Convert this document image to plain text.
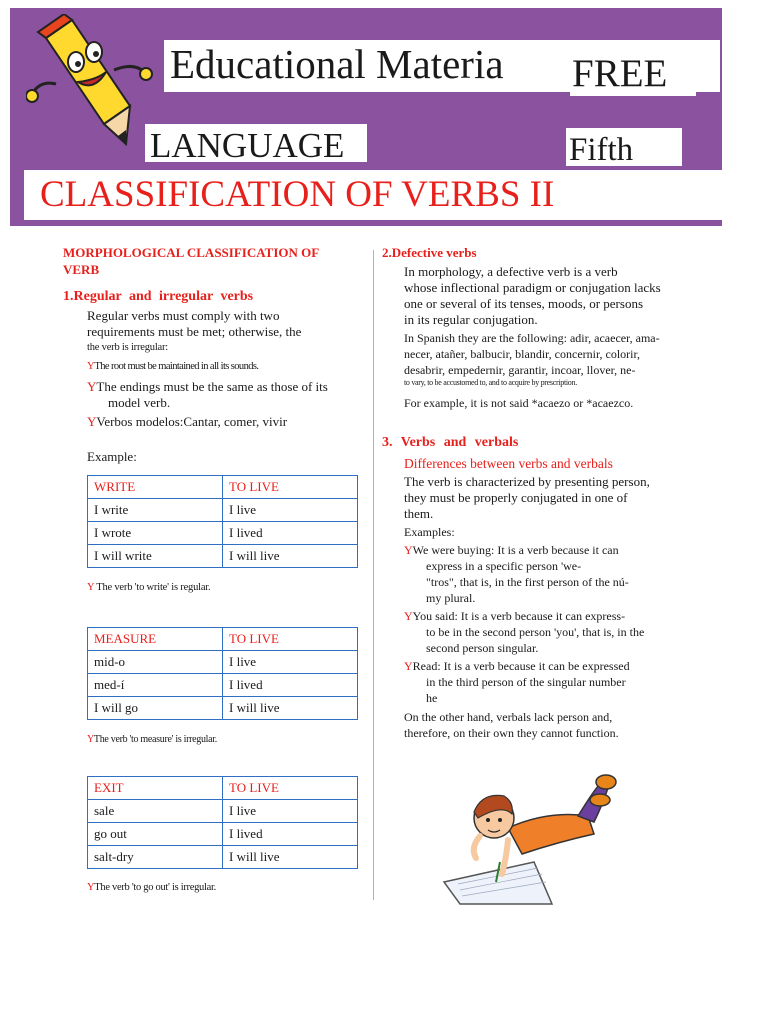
Educational Materia FREE
LANGUAGE	Fifth
CLASSIFICATION OF VERBS II
MORPHOLOGICAL CLASSIFICATION OF
VERB
1.Regular and irregular verbs
Regular verbs must comply with two
requirements must be met; otherwise, the
the verb is irregular:
YThe root must be maintained in all its sounds.
YThe endings must be the same as those of its
model verb.
YVerbos modelos:Cantar, comer, vivir
Example:
WRITE	TO LIVE
I write	I live
I wrote	I lived
I will write	I will live
Y The verb 'to write' is regular.
MEASURE	TO LIVE
mid-o	I live
med-í	I lived
I will go	I will live
YThe verb 'to measure' is irregular.
EXIT	TO LIVE
sale	I live
go out	I lived
salt-dry	I will live
YThe verb 'to go out' is irregular.
2.Defective verbs
In morphology, a defective verb is a verb
whose inflectional paradigm or conjugation lacks
one or several of its tenses, moods, or persons
in its regular conjugation.
In Spanish they are the following: adir, acaecer, ama-
necer, atañer, balbucir, blandir, concernir, colorir,
desabrir, empedernir, garantir, incoar, llover, ne-
to vary, to be accustomed to, and to acquire by prescription.
For example, it is not said *acaezo or *acaezco.
3. Verbs and verbals
Differences between verbs and verbals
The verb is characterized by presenting person,
they must be properly conjugated in one of
them.
Examples:
YWe were buying: It is a verb because it can
express in a specific person 'we-
"tros", that is, in the first person of the nú-
my plural.
YYou said: It is a verb because it can express-
to be in the second person 'you', that is, in the
second person singular.
YRead: It is a verb because it can be expressed
in the third person of the singular number
he
On the other hand, verbals lack person and,
therefore, on their own they cannot function.
